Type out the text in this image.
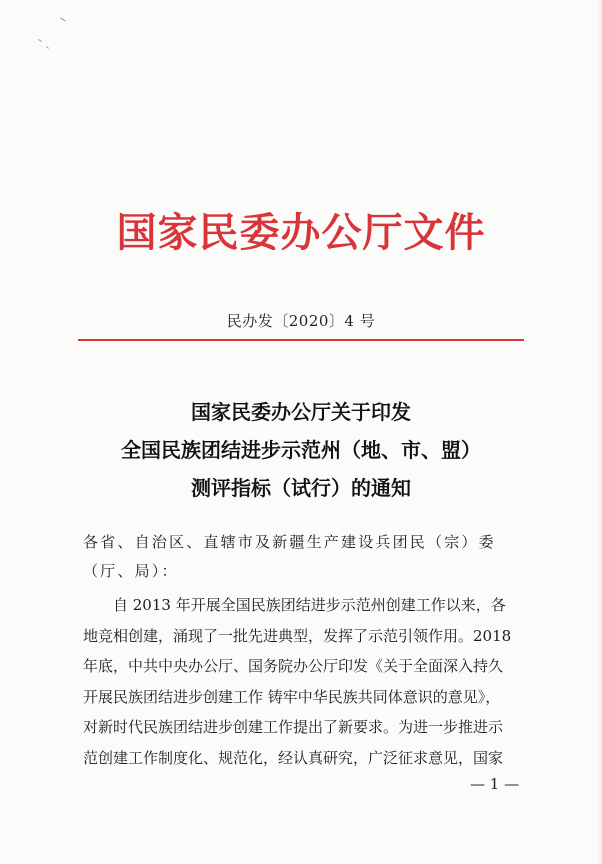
国家民委办公厅文件
民办发〔2020〕4 号
国家民委办公厅关于印发
全国民族团结进步示范州（地、市、盟）
测评指标（试行）的通知
各省、自治区、直辖市及新疆生产建设兵团民（宗）委（厅、局）：
自 2013 年开展全国民族团结进步示范州创建工作以来，各
地竞相创建，涌现了一批先进典型，发挥了示范引领作用。2018
年底，中共中央办公厅、国务院办公厅印发《关于全面深入持久
开展民族团结进步创建工作 铸牢中华民族共同体意识的意见》，
对新时代民族团结进步创建工作提出了新要求。为进一步推进示
范创建工作制度化、规范化，经认真研究，广泛征求意见，国家
— 1 —
